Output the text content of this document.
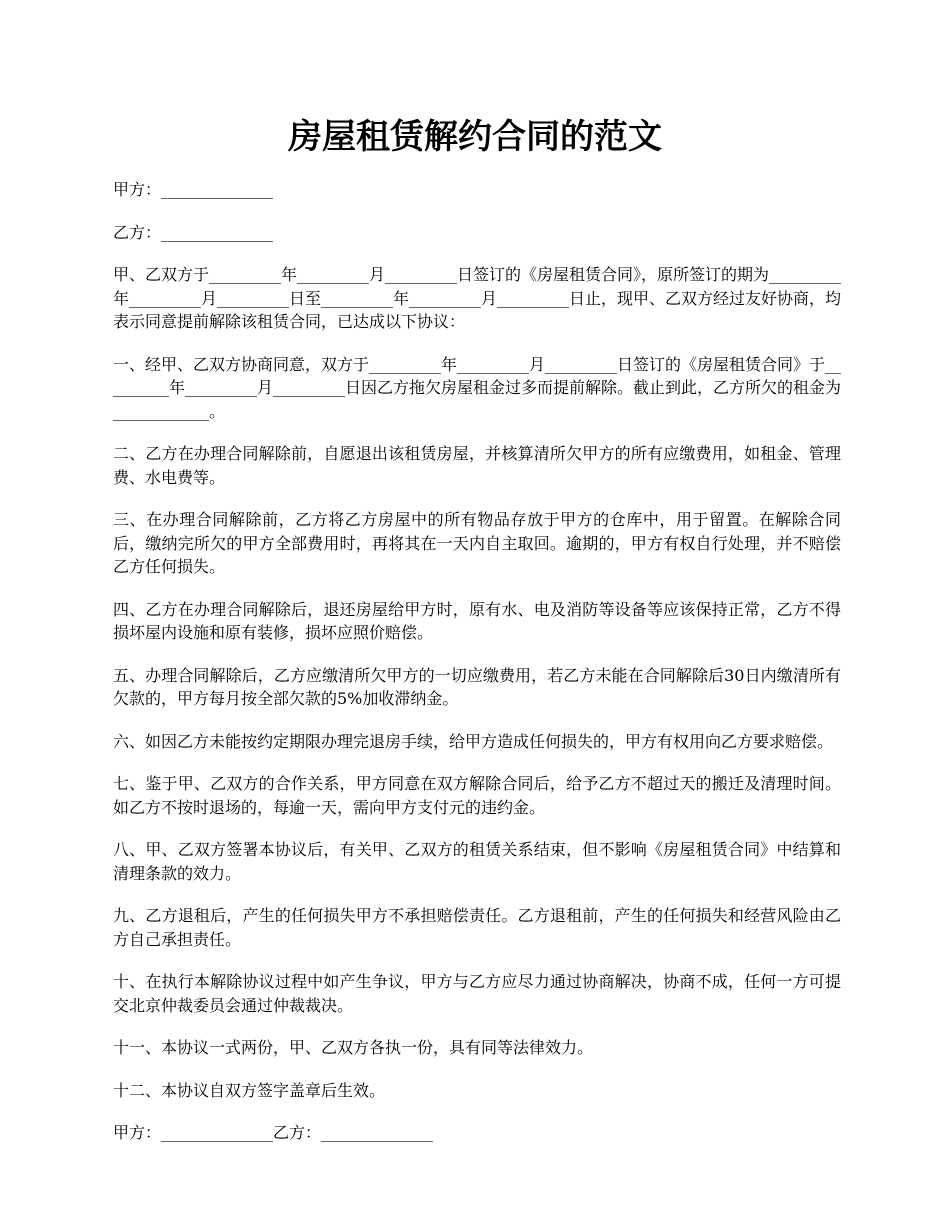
房屋租赁解约合同的范文

甲方：______________

乙方：______________

甲、乙双方于_________年_________月_________日签订的《房屋租赁合同》，原所签订的期为_________年_________月_________日至_________年_________月_________日止，现甲、乙双方经过友好协商，均表示同意提前解除该租赁合同，已达成以下协议：

一、经甲、乙双方协商同意，双方于_________年_________月_________日签订的《房屋租赁合同》于_________年_________月_________日因乙方拖欠房屋租金过多而提前解除。截止到此，乙方所欠的租金为____________。

二、乙方在办理合同解除前，自愿退出该租赁房屋，并核算清所欠甲方的所有应缴费用，如租金、管理费、水电费等。

三、在办理合同解除前，乙方将乙方房屋中的所有物品存放于甲方的仓库中，用于留置。在解除合同后，缴纳完所欠的甲方全部费用时，再将其在一天内自主取回。逾期的，甲方有权自行处理，并不赔偿乙方任何损失。

四、乙方在办理合同解除后，退还房屋给甲方时，原有水、电及消防等设备等应该保持正常，乙方不得损坏屋内设施和原有装修，损坏应照价赔偿。

五、办理合同解除后，乙方应缴清所欠甲方的一切应缴费用，若乙方未能在合同解除后30日内缴清所有欠款的，甲方每月按全部欠款的5%加收滞纳金。

六、如因乙方未能按约定期限办理完退房手续，给甲方造成任何损失的，甲方有权用向乙方要求赔偿。

七、鉴于甲、乙双方的合作关系，甲方同意在双方解除合同后，给予乙方不超过天的搬迁及清理时间。如乙方不按时退场的，每逾一天，需向甲方支付元的违约金。

八、甲、乙双方签署本协议后，有关甲、乙双方的租赁关系结束，但不影响《房屋租赁合同》中结算和清理条款的效力。

九、乙方退租后，产生的任何损失甲方不承担赔偿责任。乙方退租前，产生的任何损失和经营风险由乙方自己承担责任。

十、在执行本解除协议过程中如产生争议，甲方与乙方应尽力通过协商解决，协商不成，任何一方可提交北京仲裁委员会通过仲裁裁决。

十一、本协议一式两份，甲、乙双方各执一份，具有同等法律效力。

十二、本协议自双方签字盖章后生效。

甲方：______________乙方：______________
